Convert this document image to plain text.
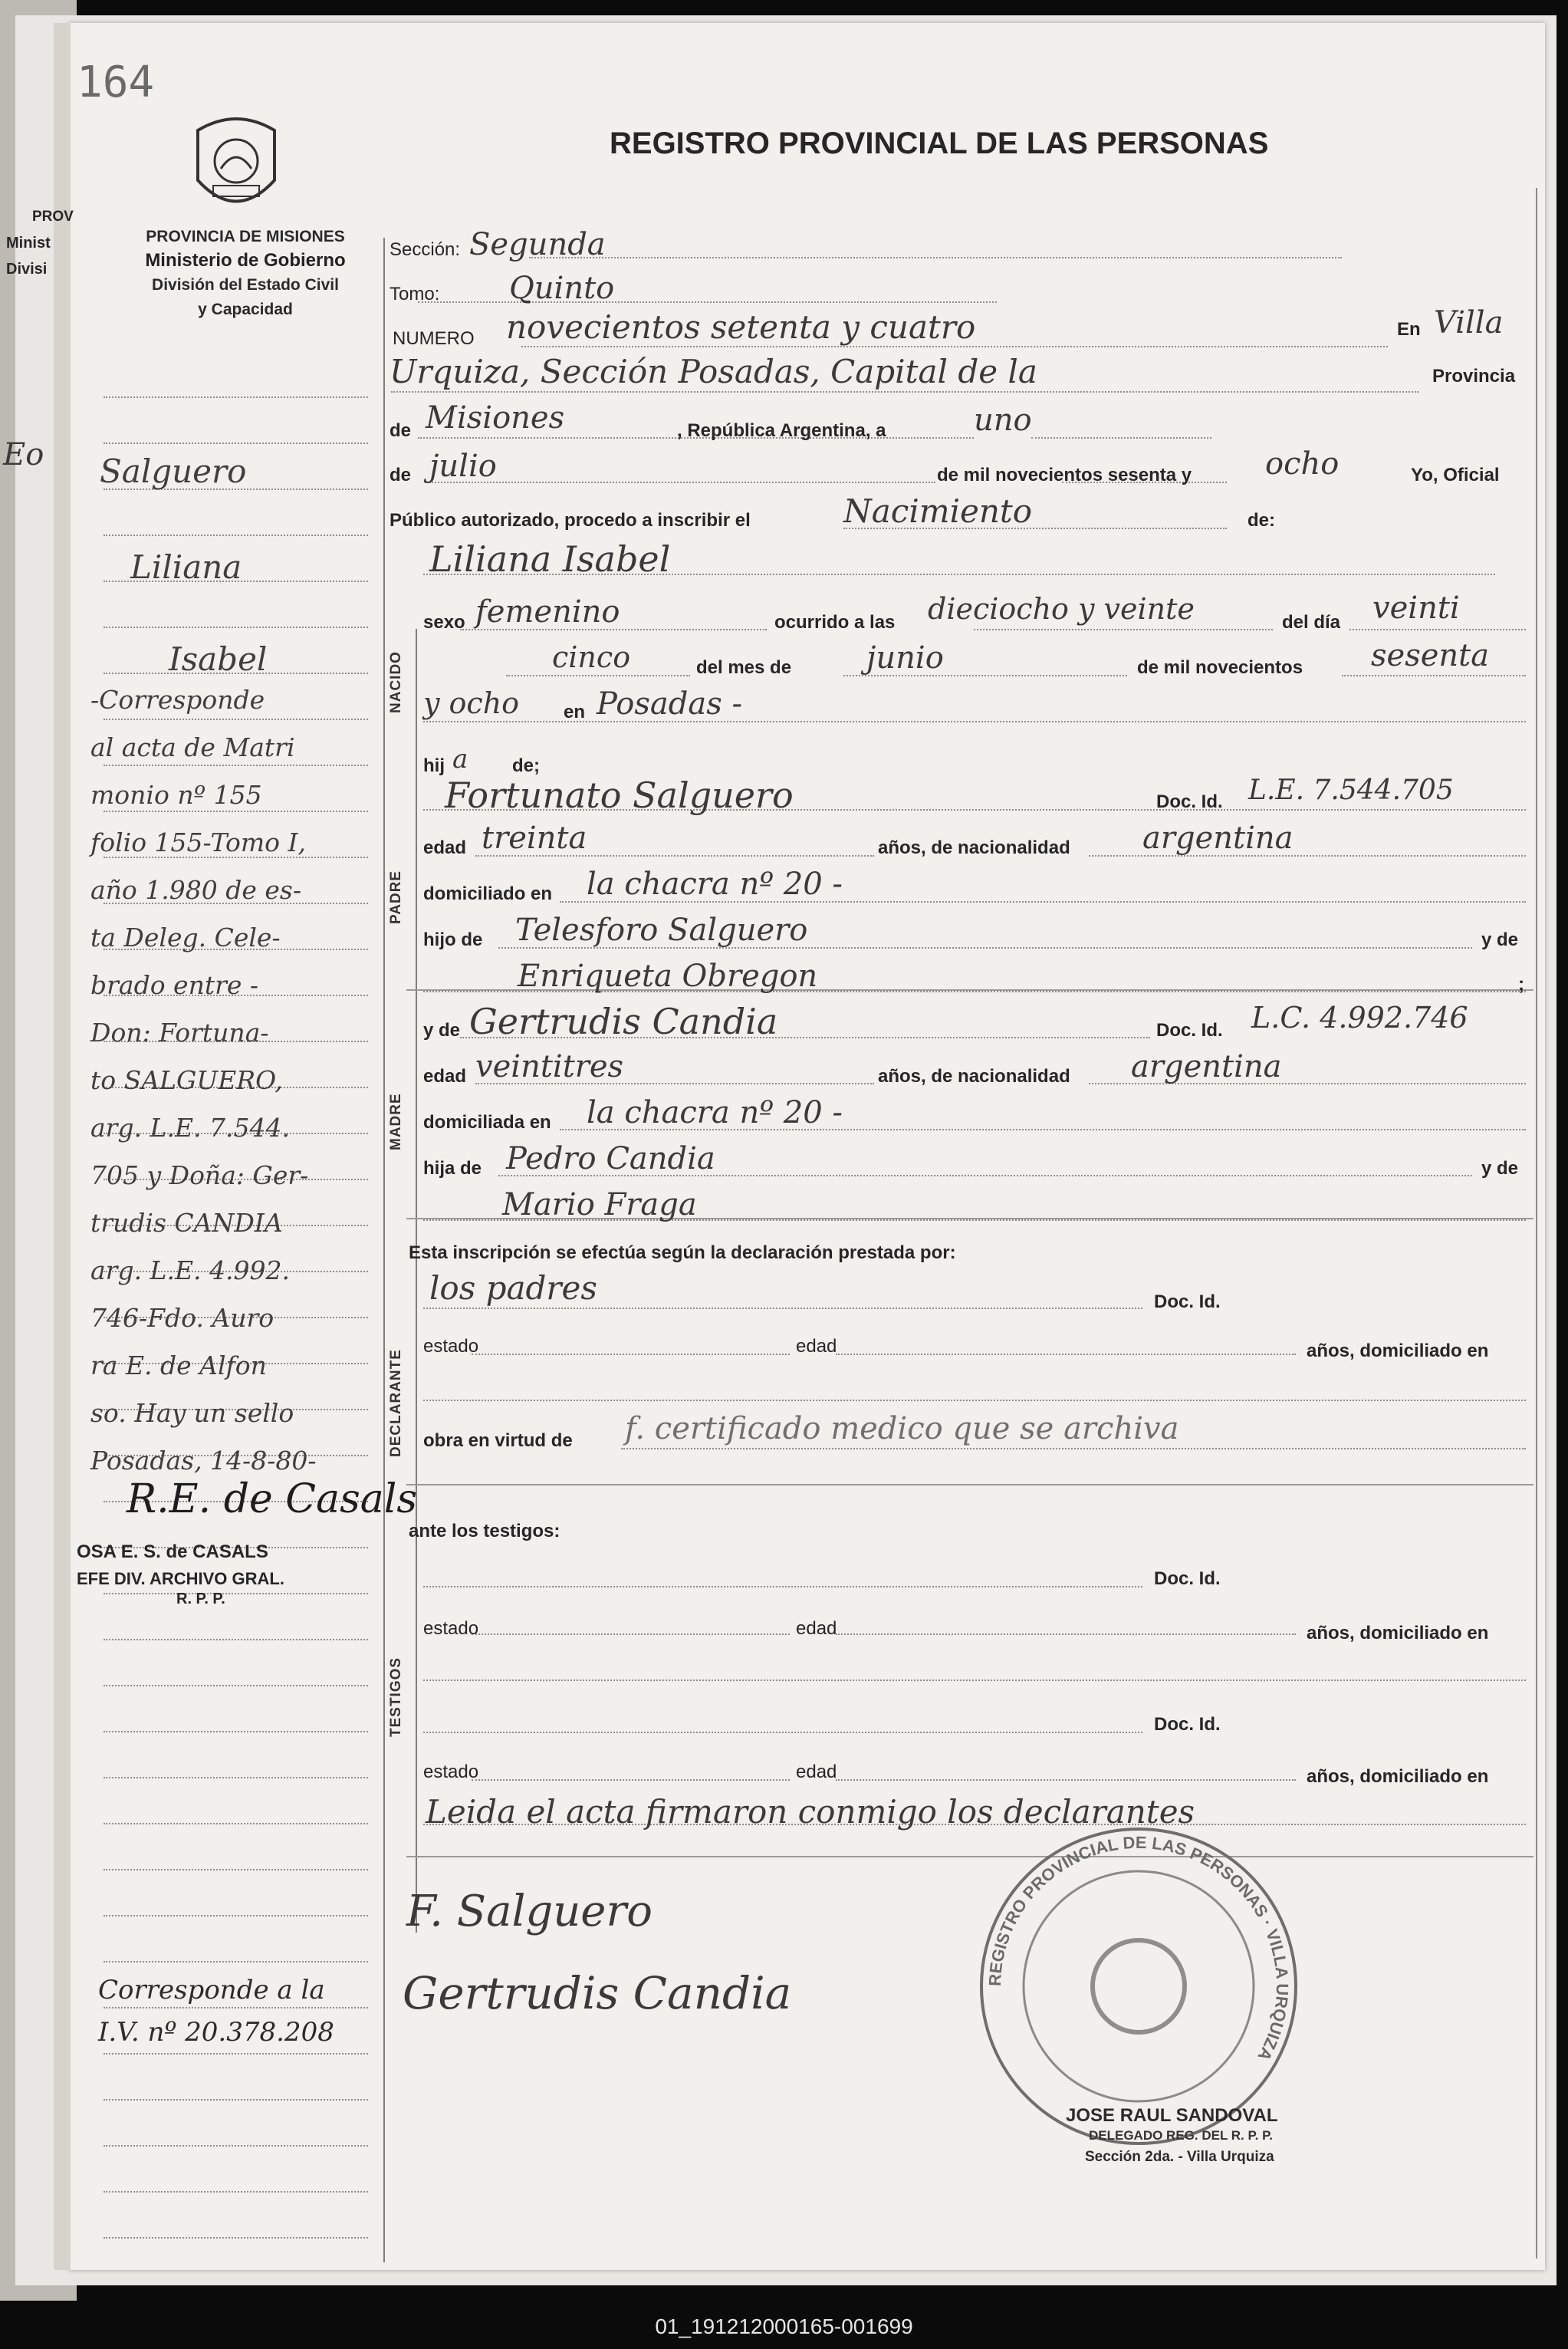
PROV
Minist
Divisi
Eo
164
REGISTRO PROVINCIAL DE LAS PERSONAS
PROVINCIA DE MISIONES
Ministerio de Gobierno
División del Estado Civil
y Capacidad
Salguero
Liliana
Isabel
-Corresponde
al acta de Matri
monio nº 155
folio 155-Tomo I,
año 1.980 de es-
ta Deleg. Cele-
brado entre -
Don: Fortuna-
to SALGUERO,
arg. L.E. 7.544.
705 y Doña: Ger-
trudis CANDIA
arg. L.E. 4.992.
746-Fdo. Auro
ra E. de Alfon
so. Hay un sello
Posadas, 14-8-80-
R.E. de Casals
OSA E. S. de CASALS
EFE DIV. ARCHIVO GRAL.
R. P. P.
Corresponde a la
I.V. nº 20.378.208
NACIDO
PADRE
MADRE
DECLARANTE
TESTIGOS
Sección: Segunda
Tomo: Quinto
NUMERO novecientos setenta y cuatro	En Villa
Urquiza, Sección Posadas, Capital de la	Provincia
de Misiones	, República Argentina, a	uno
de julio	de mil novecientos sesenta y ocho	Yo, Oficial
Público autorizado, procedo a inscribir el	Nacimiento	de:
Liliana Isabel
sexo femenino	ocurrido a las dieciocho y veinte	del día veinti
cinco	del mes de junio	de mil novecientos sesenta
y ocho en Posadas -
hij a de;
Fortunato Salguero	Doc. Id. L.E. 7.544.705
edad treinta	años, de nacionalidad argentina
domiciliado en la chacra nº 20 -
hijo de Telesforo Salguero	y de
Enriqueta Obregon	;
y de Gertrudis Candia	Doc. Id. L.C. 4.992.746
edad veintitres	años, de nacionalidad argentina
domiciliada en la chacra nº 20 -
hija de Pedro Candia	y de
Mario Fraga
Esta inscripción se efectúa según la declaración prestada por:
los padres	Doc. Id.
estado	edad	años, domiciliado en
obra en virtud de f. certificado medico que se archiva
ante los testigos:
Doc. Id.
estado	edad	años, domiciliado en
Doc. Id.
estado	edad	años, domiciliado en
Leida el acta firmaron conmigo los declarantes
F. Salguero
Gertrudis Candia	REGISTRO PROVINCIAL DE LAS PERSONAS · VILLA URQUIZA
JOSE RAUL SANDOVAL
DELEGADO REG. DEL R. P. P.
Sección 2da. - Villa Urquiza
01_191212000165-001699
